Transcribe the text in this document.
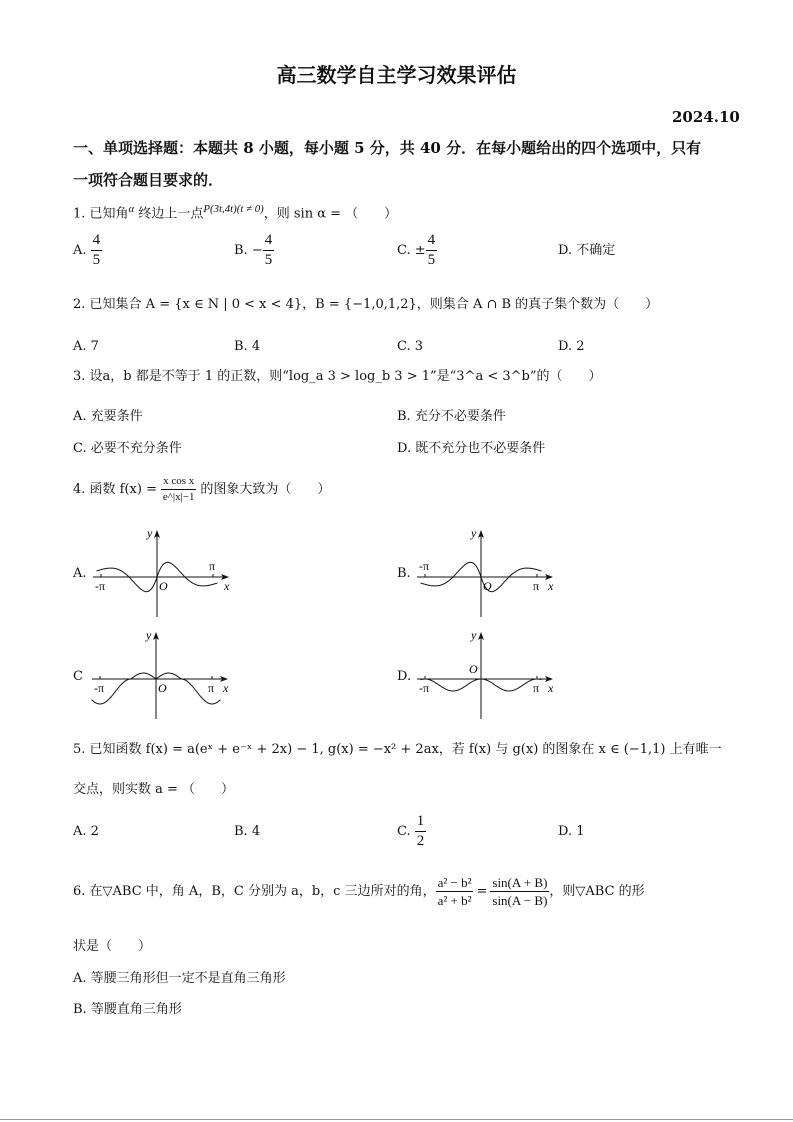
高三数学自主学习效果评估
2024.10
一、单项选择题：本题共 8 小题，每小题 5 分，共 40 分．在每小题给出的四个选项中，只有
一项符合题目要求的．
1. 已知角$^\alpha$ 终边上一点$^{P(3t,4t)(t \ne 0)}$，则 sin α = （　　）
A. $\frac{4}{5}$	B. − $\frac{4}{5}$	C. ± $\frac{4}{5}$	D. 不确定
2. 已知集合 A = {x ∈ N | 0 < x < 4}，B = {−1,0,1,2}，则集合 A ∩ B 的真子集个数为（　　）
A. 7	B. 4	C. 3	D. 2
3. 设a，b 都是不等于 1 的正数，则“log_a 3 > log_b 3 > 1”是“3^a < 3^b”的（　　）
A. 充要条件	B. 充分不必要条件
C. 必要不充分条件	D. 既不充分也不必要条件
4. 函数 $f(x) = \frac{\text{x cos x}}{e\^{}|x|-1}$ 的图象大致为（　　）
A.
y
x
O
π
-π
B.
y
x
O
-π
π
C
y
x
O
-π	π
D.
y
x
O
-π	π
5. 已知函数 f(x) = a(eˣ + e⁻ˣ + 2x) − 1, g(x) = −x² + 2ax，若 f(x) 与 g(x) 的图象在 x ∈ (−1,1) 上有唯一
交点，则实数 a = （　　）
A. 2	B. 4	C. $\frac{1}{2}$	D. 1
6. 在▽ABC 中，角 A，B，C 分别为 a，b，c 三边所对的角， $\frac{\text{a² − b²}}{\text{a² + b²}} = \frac{\sin(A + B)}{\sin(A - B)}$ ，则▽ABC 的形
状是（　　）
A. 等腰三角形但一定不是直角三角形
B. 等腰直角三角形
